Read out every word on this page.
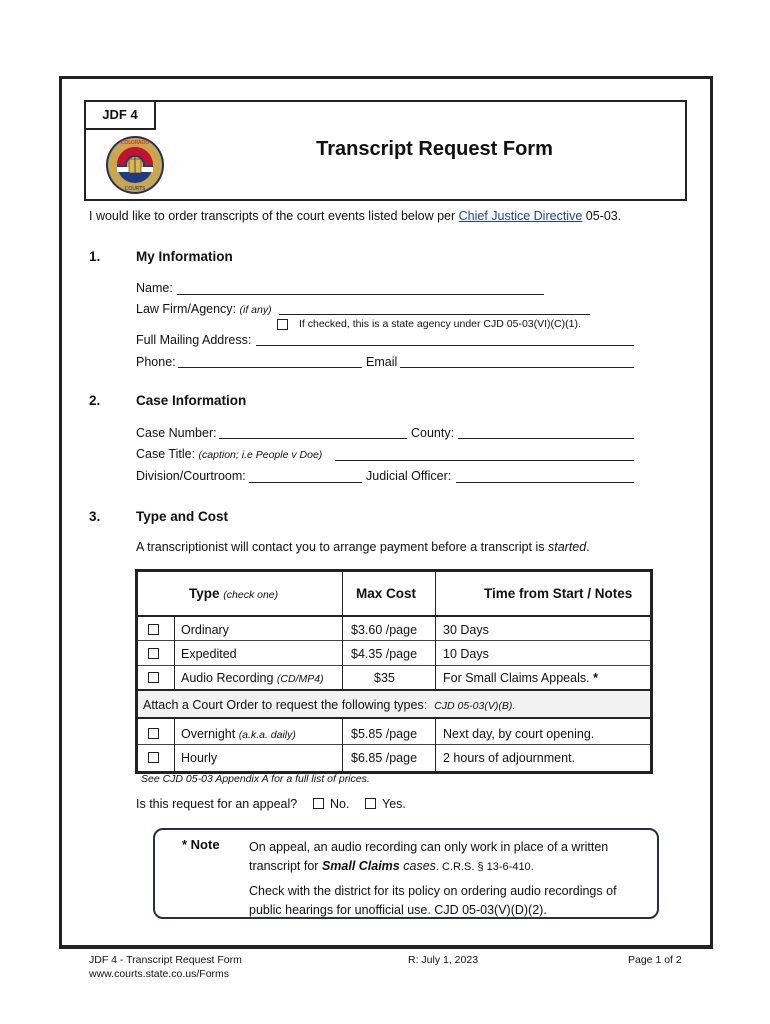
JDF 4
COLORADO
COURTS
Transcript Request Form
I would like to order transcripts of the court events listed below per Chief Justice Directive 05-03.
1.	My Information
Name:
Law Firm/Agency: (if any)
If checked, this is a state agency under CJD 05-03(VI)(C)(1).
Full Mailing Address:
Phone:	Email
2.	Case Information
Case Number:	County:
Case Title: (caption; i.e People v Doe)
Division/Courtroom:	Judicial Officer:
3.	Type and Cost
A transcriptionist will contact you to arrange payment before a transcript is started.
Type (check one)	Max Cost	Time from Start / Notes
Attach a Court Order to request the following types: CJD 05-03(V)(B).
Ordinary	$3.60 /page 30 Days
Expedited	$4.35 /page 10 Days
Audio Recording (CD/MP4)	$35	For Small Claims Appeals. *
Overnight (a.k.a. daily)	$5.85 /page Next day, by court opening.
Hourly	$6.85 /page 2 hours of adjournment.
See CJD 05-03 Appendix A for a full list of prices.
Is this request for an appeal?	No.	Yes.
* Note On appeal, an audio recording can only work in place of a written transcript for Small Claims cases. C.R.S. § 13-6-410.
Check with the district for its policy on ordering audio recordings of public hearings for unofficial use. CJD 05-03(V)(D)(2).
JDF 4 - Transcript Request Form
www.courts.state.co.us/Forms
R: July 1, 2023	Page 1 of 2
